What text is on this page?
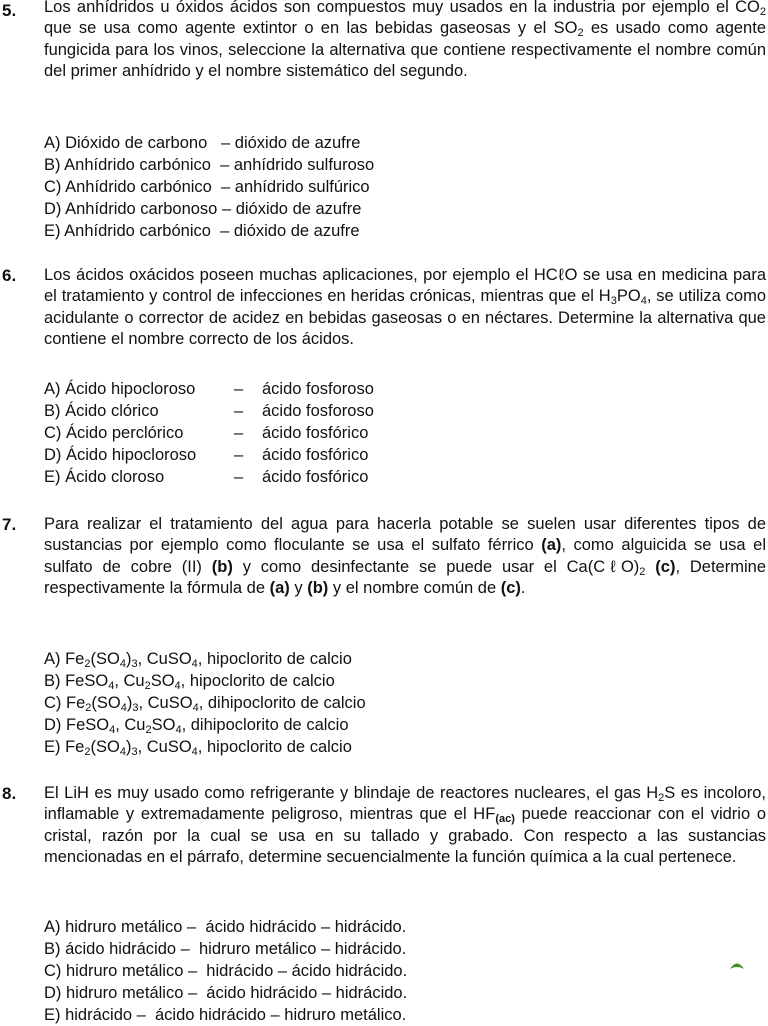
5. Los anhídridos u óxidos ácidos son compuestos muy usados en la industria por ejemplo el $CO_2$ que se usa como agente extintor o en las bebidas gaseosas y el $SO_2$ es usado como agente fungicida para los vinos, seleccione la alternativa que contiene respectivamente el nombre común del primer anhídrido y el nombre sistemático del segundo.
A) Dióxido de carbono   – dióxido de azufre
B) Anhídrido carbónico  – anhídrido sulfuroso
C) Anhídrido carbónico  – anhídrido sulfúrico
D) Anhídrido carbonoso – dióxido de azufre
E) Anhídrido carbónico  – dióxido de azufre
6. Los ácidos oxácidos poseen muchas aplicaciones, por ejemplo el HCℓO se usa en medicina para el tratamiento y control de infecciones en heridas crónicas, mientras que el $H_3PO_4$, se utiliza como acidulante o corrector de acidez en bebidas gaseosas o en néctares. Determine la alternativa que contiene el nombre correcto de los ácidos.
A) Ácido hipocloroso	–	ácido fosforoso
B) Ácido clórico	–	ácido fosforoso
C) Ácido perclórico	–	ácido fosfórico
D) Ácido hipocloroso	–	ácido fosfórico
E) Ácido cloroso	–	ácido fosfórico
7. Para realizar el tratamiento del agua para hacerla potable se suelen usar diferentes tipos de sustancias por ejemplo como floculante se usa el sulfato férrico (a), como alguicida se usa el sulfato de cobre (II) (b) y como desinfectante se puede usar el $Ca(C\ell O)_2$ (c), Determine respectivamente la fórmula de (a) y (b) y el nombre común de (c).
A) $Fe_2(SO_4)_3$, CuSO$_4$, hipoclorito de calcio
B) FeSO$_4$, $Cu_2SO_4$, hipoclorito de calcio
C) $Fe_2(SO_4)_3$, CuSO$_4$, dihipoclorito de calcio
D) FeSO$_4$, $Cu_2SO_4$, dihipoclorito de calcio
E) $Fe_2(SO_4)_3$, CuSO$_4$, hipoclorito de calcio
8. El LiH es muy usado como refrigerante y blindaje de reactores nucleares, el gas $H_2S$ es incoloro, inflamable y extremadamente peligroso, mientras que el $HF_{(ac)}$ puede reaccionar con el vidrio o cristal, razón por la cual se usa en su tallado y grabado. Con respecto a las sustancias mencionadas en el párrafo, determine secuencialmente la función química a la cual pertenece.
A) hidruro metálico –  ácido hidrácido – hidrácido.
B) ácido hidrácido –  hidruro metálico – hidrácido.
C) hidruro metálico –  hidrácido – ácido hidrácido.
D) hidruro metálico –  ácido hidrácido – hidrácido.
E) hidrácido –  ácido hidrácido – hidruro metálico.
